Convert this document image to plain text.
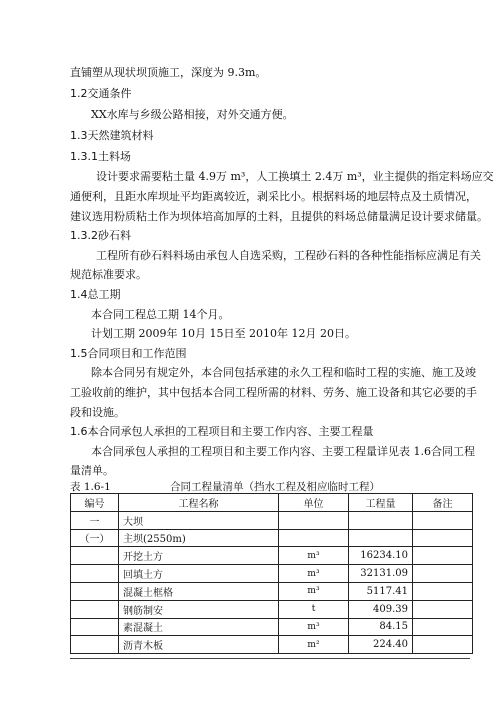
直铺塑从现状坝顶施工，深度为 9.3m。
1.2交通条件
XX水库与乡级公路相接，对外交通方便。
1.3天然建筑材料
1.3.1土料场
设计要求需要粘土量 4.9万 m³，人工换填土 2.4万 m³，业主提供的指定料场应交
通便利，且距水库坝址平均距离较近，剥采比小。根据料场的地层特点及土质情况，
建议选用粉质粘土作为坝体培高加厚的土料，且提供的料场总储量满足设计要求储量。
1.3.2砂石料
工程所有砂石料料场由承包人自选采购，工程砂石料的各种性能指标应满足有关
规范标准要求。
1.4总工期
本合同工程总工期 14个月。
计划工期 2009年 10月 15日至 2010年 12月 20日。
1.5合同项目和工作范围
除本合同另有规定外，本合同包括承建的永久工程和临时工程的实施、施工及竣
工验收前的维护，其中包括本合同工程所需的材料、劳务、施工设备和其它必要的手
段和设施。
1.6本合同承包人承担的工程项目和主要工作内容、主要工程量
本合同承包人承担的工程项目和主要工作内容、主要工程量详见表 1.6合同工程
量清单。
表 1.6-1	合同工程量清单（挡水工程及相应临时工程）
编号	工程名称	单位	工程量	备注
一	大坝			
（一）	主坝(2550m)			
	开挖土方	m³	16234.10	
	回填土方	m³	32131.09	
	混凝土框格	m³	5117.41	
	钢筋制安	t	409.39	
	素混凝土	m³	84.15	
	沥青木板	m²	224.40	
